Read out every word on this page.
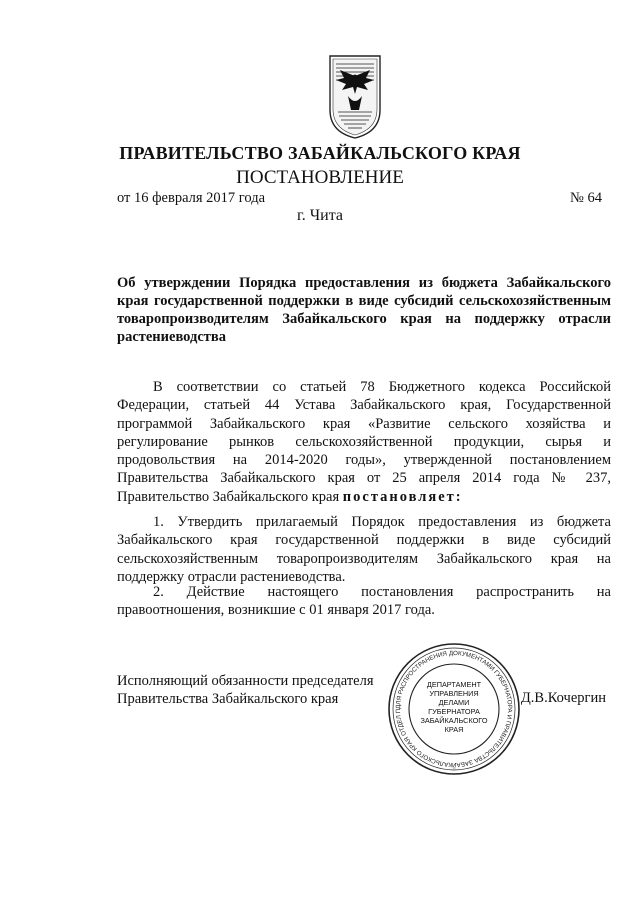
ПРАВИТЕЛЬСТВО ЗАБАЙКАЛЬСКОГО КРАЯ
ПОСТАНОВЛЕНИЕ
от 16 февраля 2017 года	№ 64
г. Чита
Об утверждении Порядка предоставления из бюджета Забайкальского края государственной поддержки в виде субсидий сельскохозяйственным товаропроизводителям Забайкальского края на поддержку отрасли растениеводства

В соответствии со статьей 78 Бюджетного кодекса Российской Федерации, статьей 44 Устава Забайкальского края, Государственной программой Забайкальского края «Развитие сельского хозяйства и регулирование рынков сельскохозяйственной продукции, сырья и продовольствия на 2014-2020 годы», утвержденной постановлением Правительства Забайкальского края от 25 апреля 2014 года № 237, Правительство Забайкальского края постановляет:

1. Утвердить прилагаемый Порядок предоставления из бюджета Забайкальского края государственной поддержки в виде субсидий сельскохозяйственным товаропроизводителям Забайкальского края на поддержку отрасли растениеводства.

2. Действие настоящего постановления распространить на правоотношения, возникшие с 01 января 2017 года.

Исполняющий обязанности председателя
Правительства Забайкальского края	Д.В.Кочергин
ДЛЯ РАСПРОСТРАНЕНИЯ ДОКУМЕНТАМИ ГУБЕРНАТОРА И ПРАВИТЕЛЬСТВА ЗАБАЙКАЛЬСКОГО КРАЯ ОТДЕЛ П
ДЕПАРТАМЕНТ
УПРАВЛЕНИЯ
ДЕЛАМИ
ГУБЕРНАТОРА
ЗАБАЙКАЛЬСКОГО
КРАЯ
